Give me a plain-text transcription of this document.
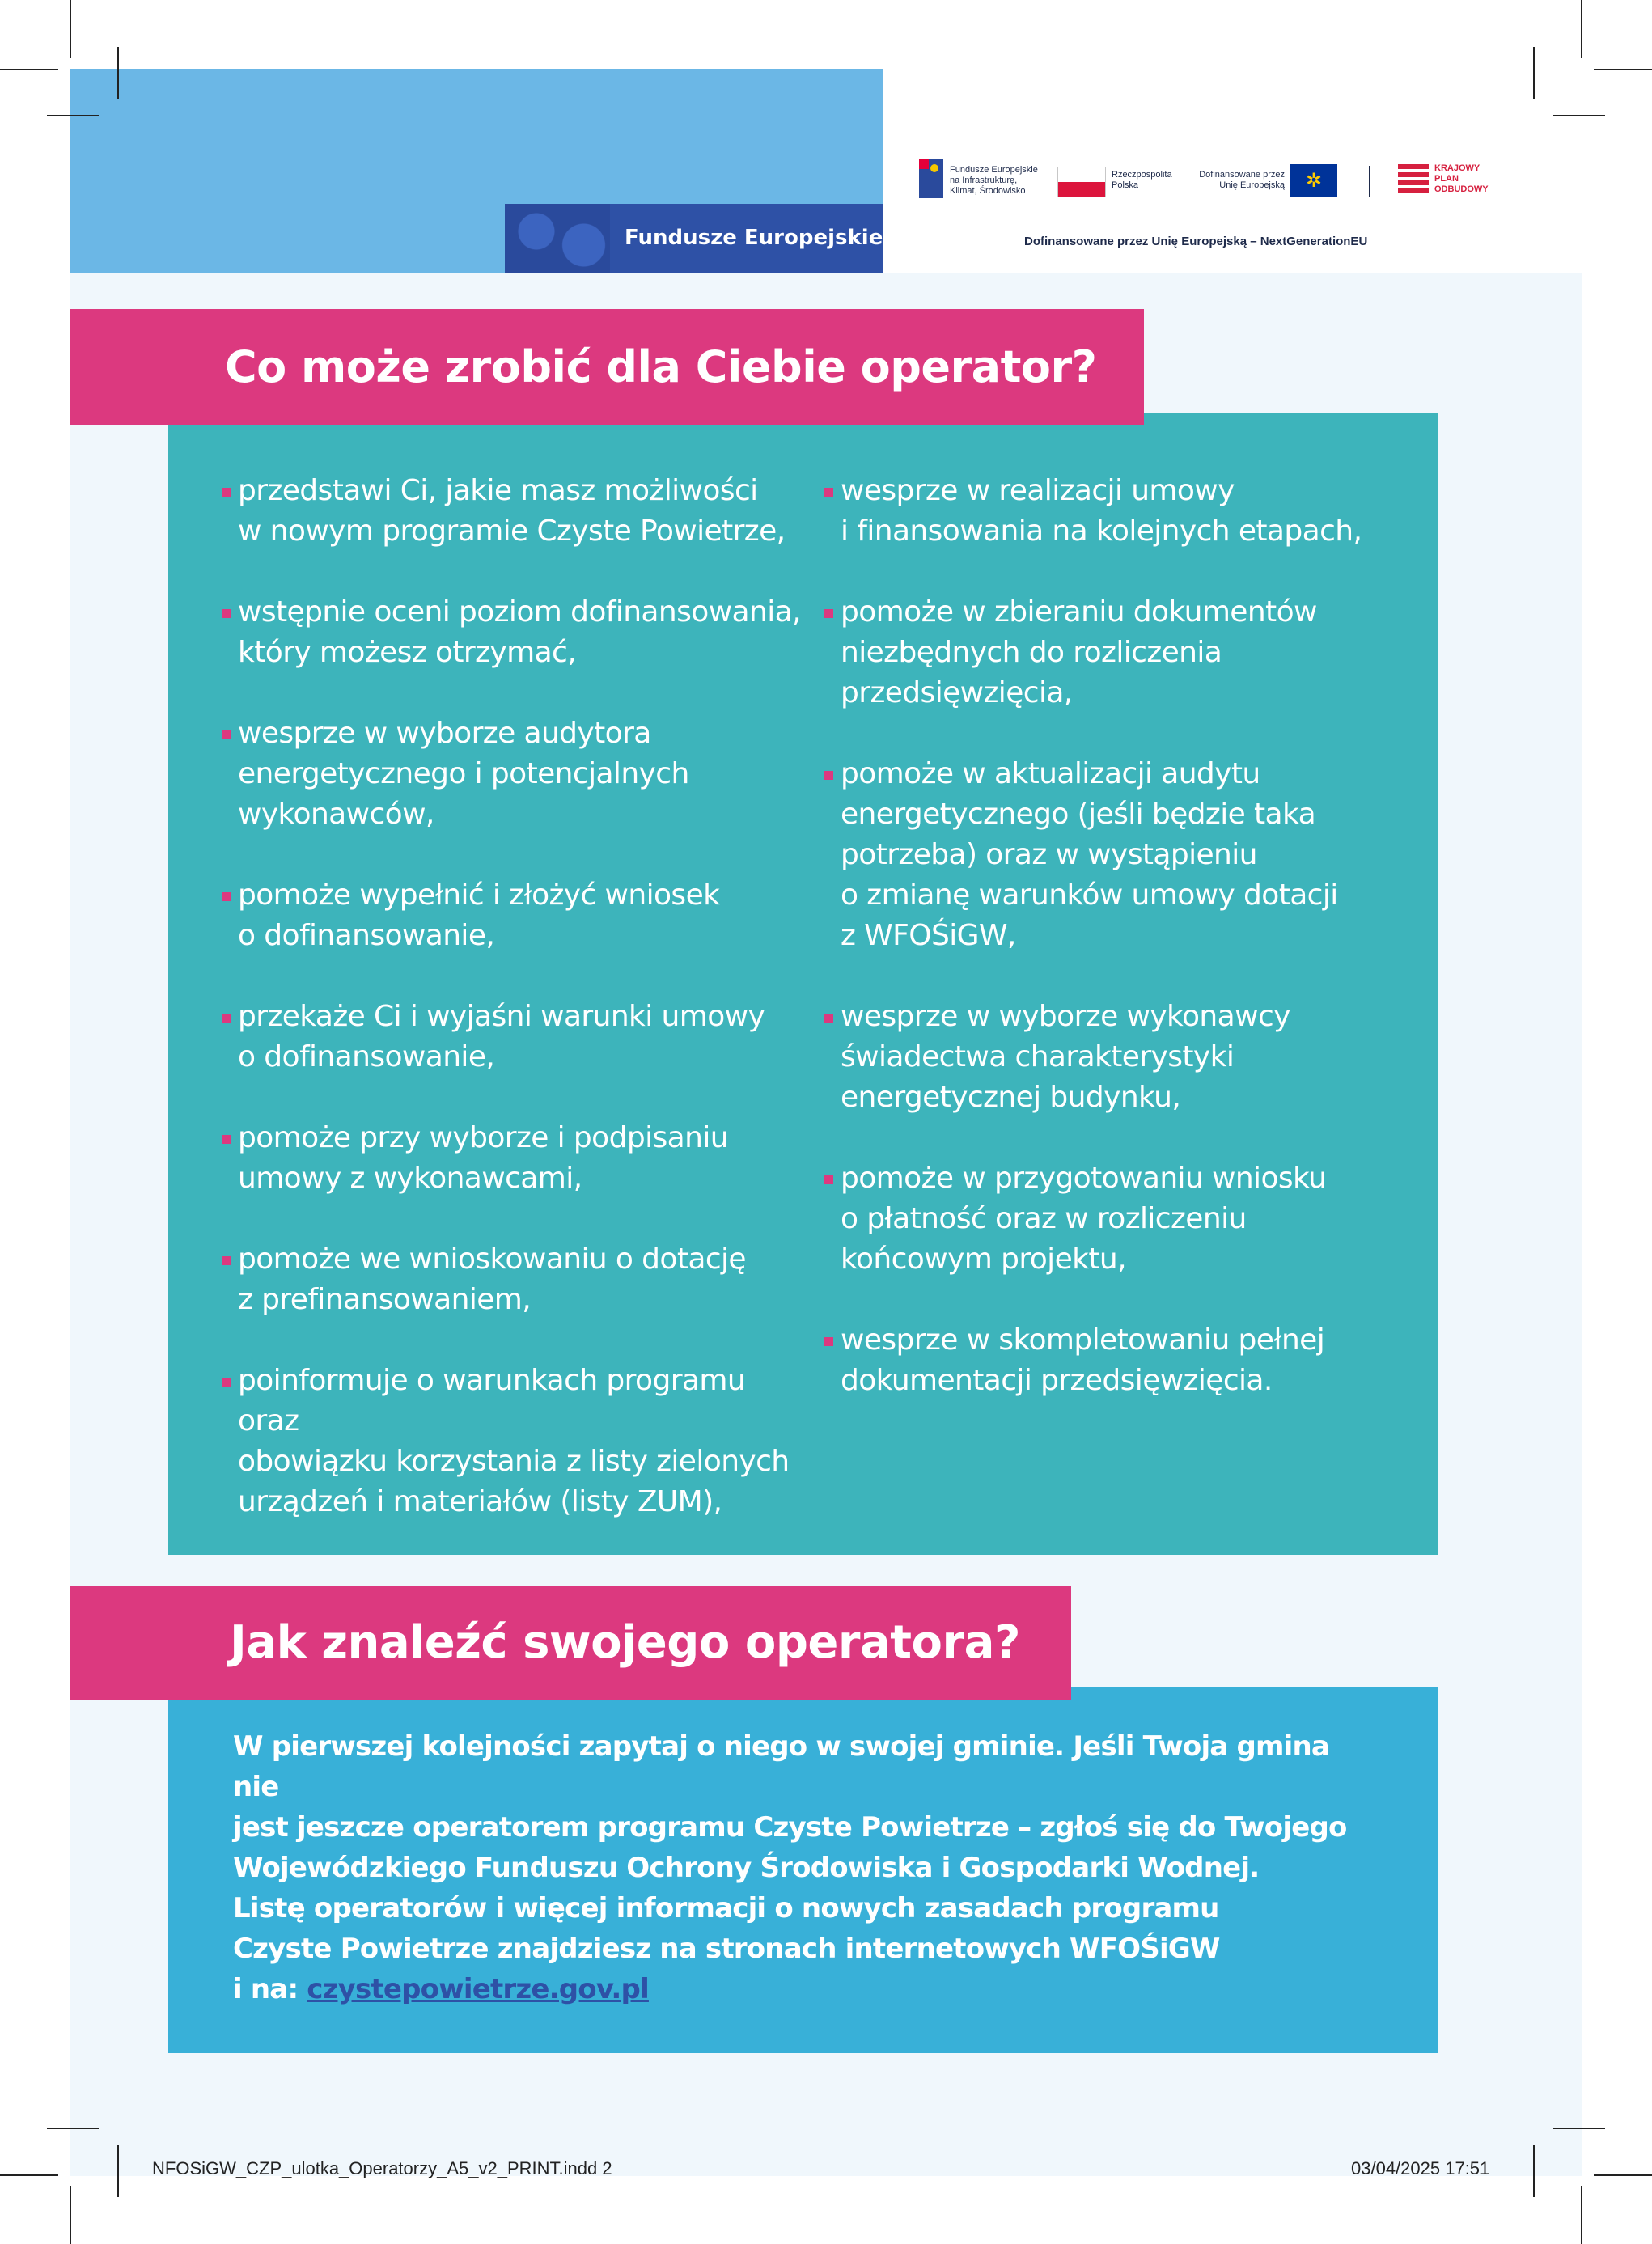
Fundusze Europejskie
Fundusze Europejskie
na Infrastrukturę,
Klimat, Środowisko
Rzeczpospolita
Polska
Dofinansowane przez
Unię Europejską	✲
KRAJOWY
PLAN
ODBUDOWY
Dofinansowane przez Unię Europejską – NextGenerationEU
Co może zrobić dla Ciebie operator?
przedstawi Ci, jakie masz możliwości
w nowym programie Czyste Powietrze,
wstępnie oceni poziom dofinansowania,
który możesz otrzymać,
wesprze w wyborze audytora
energetycznego i potencjalnych
wykonawców,
pomoże wypełnić i złożyć wniosek
o dofinansowanie,
przekaże Ci i wyjaśni warunki umowy
o dofinansowanie,
pomoże przy wyborze i podpisaniu
umowy z wykonawcami,
pomoże we wnioskowaniu o dotację
z prefinansowaniem,
poinformuje o warunkach programu oraz
obowiązku korzystania z listy zielonych
urządzeń i materiałów (listy ZUM),
wesprze w realizacji umowy
i finansowania na kolejnych etapach,
pomoże w zbieraniu dokumentów
niezbędnych do rozliczenia
przedsięwzięcia,
pomoże w aktualizacji audytu
energetycznego (jeśli będzie taka
potrzeba) oraz w wystąpieniu
o zmianę warunków umowy dotacji
z WFOŚiGW,
wesprze w wyborze wykonawcy
świadectwa charakterystyki
energetycznej budynku,
pomoże w przygotowaniu wniosku
o płatność oraz w rozliczeniu
końcowym projektu,
wesprze w skompletowaniu pełnej
dokumentacji przedsięwzięcia.
Jak znaleźć swojego operatora?

W pierwszej kolejności zapytaj o niego w swojej gminie. Jeśli Twoja gmina nie
jest jeszcze operatorem programu Czyste Powietrze – zgłoś się do Twojego
Wojewódzkiego Funduszu Ochrony Środowiska i Gospodarki Wodnej.

Listę operatorów i więcej informacji o nowych zasadach programu
Czyste Powietrze znajdziesz na stronach internetowych WFOŚiGW
i na: czystepowietrze.gov.pl

NFOSiGW_CZP_ulotka_Operatorzy_A5_v2_PRINT.indd 2	03/04/2025 17:51
